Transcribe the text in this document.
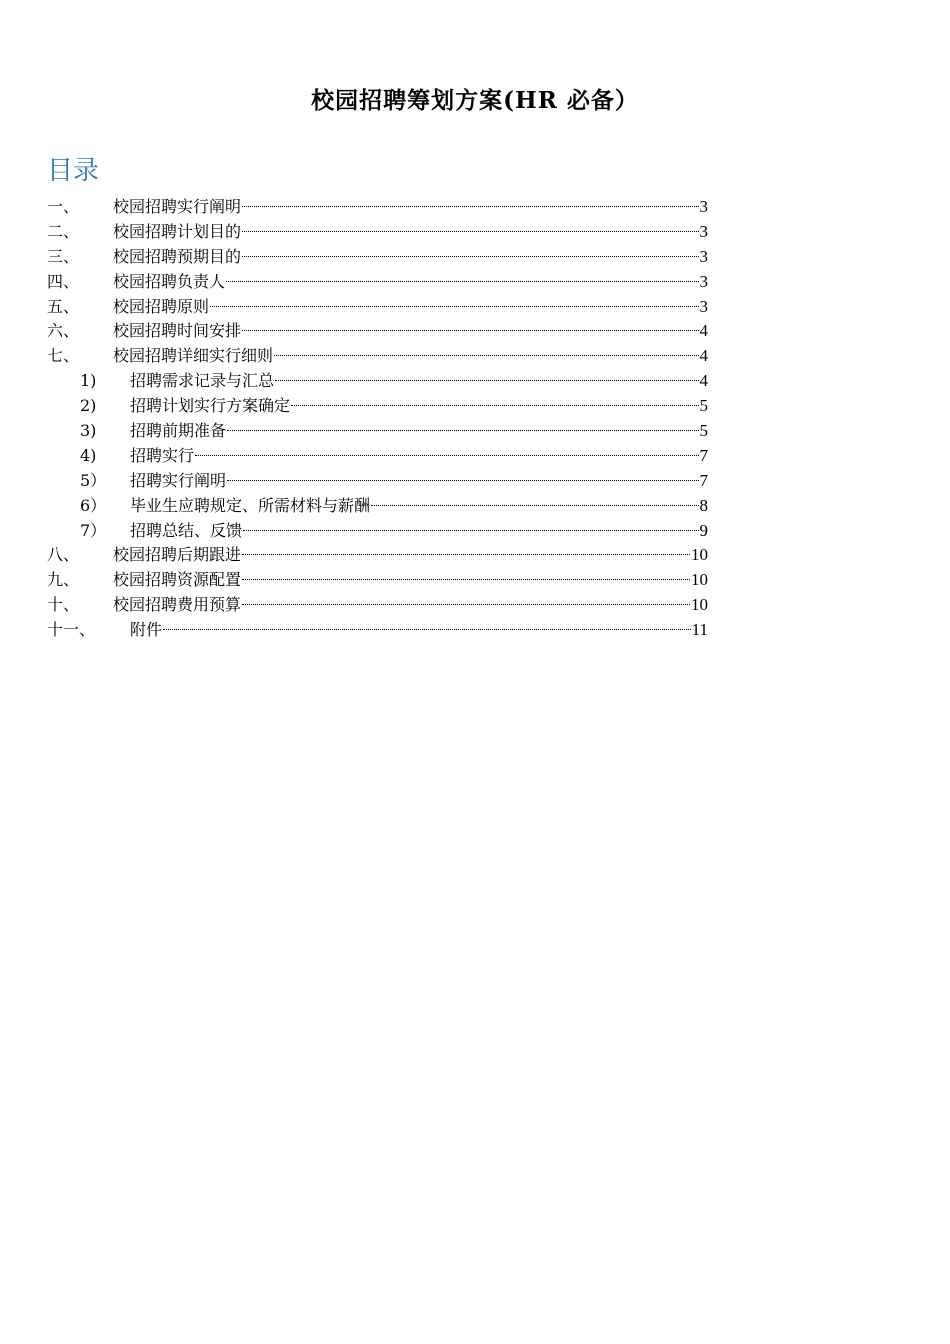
校园招聘筹划方案(HR 必备）
目录
一、	校园招聘实行阐明	3
二、	校园招聘计划目的	3
三、	校园招聘预期目的	3
四、	校园招聘负责人	3
五、	校园招聘原则	3
六、	校园招聘时间安排	4
七、	校园招聘详细实行细则	4
1)	招聘需求记录与汇总	4
2)	招聘计划实行方案确定	5
3)	招聘前期准备	5
4)	招聘实行	7
5）	招聘实行阐明	7
6）	毕业生应聘规定、所需材料与薪酬	8
7）	招聘总结、反馈	9
八、	校园招聘后期跟进	10
九、	校园招聘资源配置	10
十、	校园招聘费用预算	10
十一、	附件	11
